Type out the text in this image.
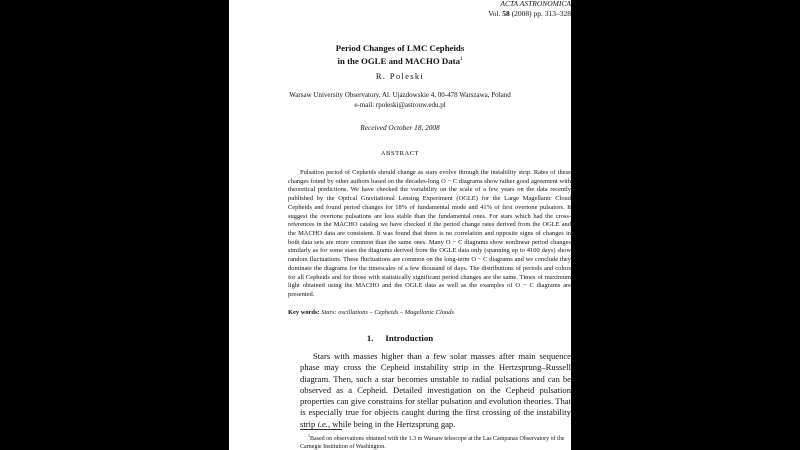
ACTA ASTRONOMICA
Vol. 58 (2008) pp. 313–328
Period Changes of LMC Cepheids
in the OGLE and MACHO Data$^1$
R. Poleski
Warsaw University Observatory, Al. Ujazdowskie 4, 00-478 Warszawa, Poland
e-mail: rpoleski@astrouw.edu.pl
Received October 18, 2008
ABSTRACT
Pulsation period of Cepheids should change as stars evolve through the instability strip. Rates of these changes found by other authors based on the decades-long O − C diagrams show rather good agreement with theoretical predictions. We have checked the variability on the scale of a few years on the data recently published by the Optical Gravitational Lensing Experiment (OGLE) for the Large Magellanic Cloud Cepheids and found period changes for 18% of fundamental mode and 41% of first overtone pulsators. It suggest the overtone pulsations are less stable than the fundamental ones. For stars which had the cross-references in the MACHO catalog we have checked if the period change rates derived from the OGLE and the MACHO data are consistent. It was found that there is no correlation and opposite signs of changes in both data sets are more common than the same ones. Many O − C diagrams show nonlinear period changes similarly as for some stars the diagrams derived from the OGLE data only (spanning up to 4100 days) show random fluctuations. These fluctuations are common on the long-term O − C diagrams and we conclude they dominate the diagrams for the timescales of a few thousand of days. The distributions of periods and colors for all Cepheids and for those with statistically significant period changes are the same. Times of maximum light obtained using the MACHO and the OGLE data as well as the examples of O − C diagrams are presented.
Key words: Stars: oscillations – Cepheids – Magellanic Clouds
1. Introduction
Stars with masses higher than a few solar masses after main sequence phase may cross the Cepheid instability strip in the Hertzsprung–Russell diagram. Then, such a star becomes unstable to radial pulsations and can be observed as a Cepheid. Detailed investigation on the Cepheid pulsation properties can give constrains for stellar pulsation and evolution theories. That is especially true for objects caught during the first crossing of the instability strip i.e., while being in the Hertzsprung gap.
$^1$Based on observations obtained with the 1.3 m Warsaw telescope at the Las Campanas Observatory of the Carnegie Institution of Washington.
